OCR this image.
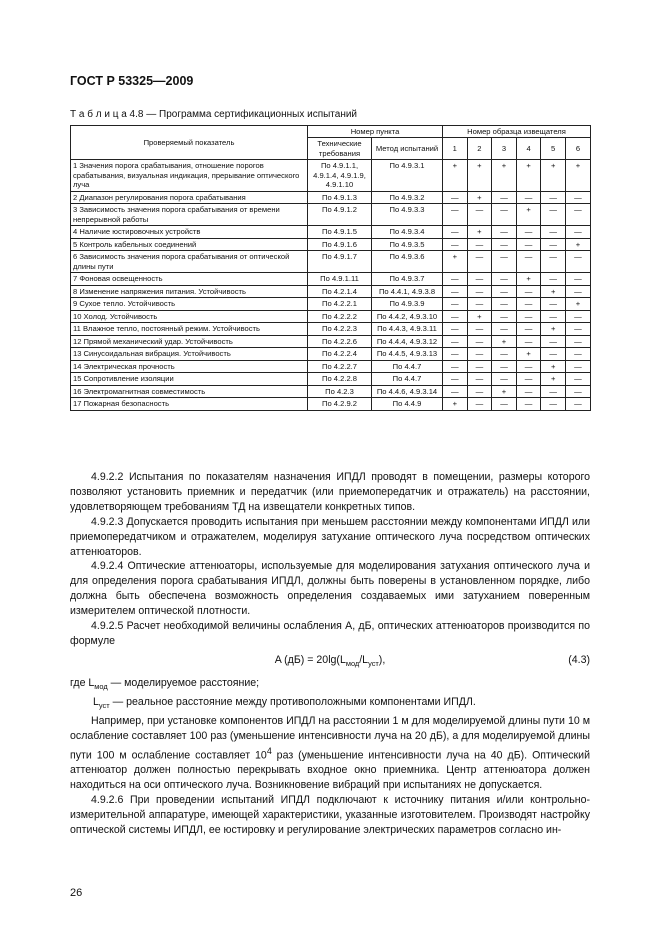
ГОСТ Р 53325—2009
Т а б л и ц а 4.8 — Программа сертификационных испытаний
Проверяемый показатель	Номер пункта		Номер образца извещателя					
	Технические требования	Метод испытаний	1	2	3	4	5	6
1 Значения порога срабатывания, отношение порогов срабатывания, визуальная индикация, прерывание оптического луча	По 4.9.1.1, 4.9.1.4, 4.9.1.9, 4.9.1.10	По 4.9.3.1	+	+	+	+	+	+
2 Диапазон регулирования порога срабатывания	По 4.9.1.3	По 4.9.3.2	—	+	—	—	—	—
3 Зависимость значения порога срабатывания от времени непрерывной работы	По 4.9.1.2	По 4.9.3.3	—	—	—	+	—	—
4 Наличие юстировочных устройств	По 4.9.1.5	По 4.9.3.4	—	+	—	—	—	—
5 Контроль кабельных соединений	По 4.9.1.6	По 4.9.3.5	—	—	—	—	—	+
6 Зависимость значения порога срабатывания от оптической длины пути	По 4.9.1.7	По 4.9.3.6	+	—	—	—	—	—
7 Фоновая освещенность	По 4.9.1.11	По 4.9.3.7	—	—	—	+	—	—
8 Изменение напряжения питания. Устойчивость	По 4.2.1.4	По 4.4.1, 4.9.3.8	—	—	—	—	+	—
9 Сухое тепло. Устойчивость	По 4.2.2.1	По 4.9.3.9	—	—	—	—	—	+
10 Холод. Устойчивость	По 4.2.2.2	По 4.4.2, 4.9.3.10	—	+	—	—	—	—
11 Влажное тепло, постоянный режим. Устойчивость	По 4.2.2.3	По 4.4.3, 4.9.3.11	—	—	—	—	+	—
12 Прямой механический удар. Устойчивость	По 4.2.2.6	По 4.4.4, 4.9.3.12	—	—	+	—	—	—
13 Синусоидальная вибрация. Устойчивость	По 4.2.2.4	По 4.4.5, 4.9.3.13	—	—	—	+	—	—
14 Электрическая прочность	По 4.2.2.7	По 4.4.7	—	—	—	—	+	—
15 Сопротивление изоляции	По 4.2.2.8	По 4.4.7	—	—	—	—	+	—
16 Электромагнитная совместимость	По 4.2.3	По 4.4.6, 4.9.3.14	—	—	+	—	—	—
17 Пожарная безопасность	По 4.2.9.2	По 4.4.9	+	—	—	—	—	—

4.9.2.2 Испытания по показателям назначения ИПДЛ проводят в помещении, размеры которого позволяют установить приемник и передатчик (или приемопередатчик и отражатель) на расстоянии, удовлетворяющем требованиям ТД на извещатели конкретных типов.

4.9.2.3 Допускается проводить испытания при меньшем расстоянии между компонентами ИПДЛ или приемопередатчиком и отражателем, моделируя затухание оптического луча посредством оптических аттенюаторов.

4.9.2.4 Оптические аттенюаторы, используемые для моделирования затухания оптического луча и для определения порога срабатывания ИПДЛ, должны быть поверены в установленном порядке, либо должна быть обеспечена возможность определения создаваемых ими затуханием поверенным измерителем оптической плотности.

4.9.2.5 Расчет необходимой величины ослабления A, дБ, оптических аттенюаторов производится по формуле

A $(дБ) = 20\lg(L_{мод}/L_{уст})$,	(4.3)

где $L_{мод}$ — моделируемое расстояние;

$L_{уст}$ — реальное расстояние между противоположными компонентами ИПДЛ.

Например, при установке компонентов ИПДЛ на расстоянии 1 м для моделируемой длины пути 10 м ослабление составляет 100 раз (уменьшение интенсивности луча на 20 дБ), а для моделируемой длины пути 100 м ослабление составляет $10^4$ раз (уменьшение интенсивности луча на 40 дБ). Оптический аттенюатор должен полностью перекрывать входное окно приемника. Центр аттенюатора должен находиться на оси оптического луча. Возникновение вибраций при испытаниях не допускается.

4.9.2.6 При проведении испытаний ИПДЛ подключают к источнику питания и/или контрольно-измерительной аппаратуре, имеющей характеристики, указанные изготовителем. Производят настройку оптической системы ИПДЛ, ее юстировку и регулирование электрических параметров согласно ин-

26
